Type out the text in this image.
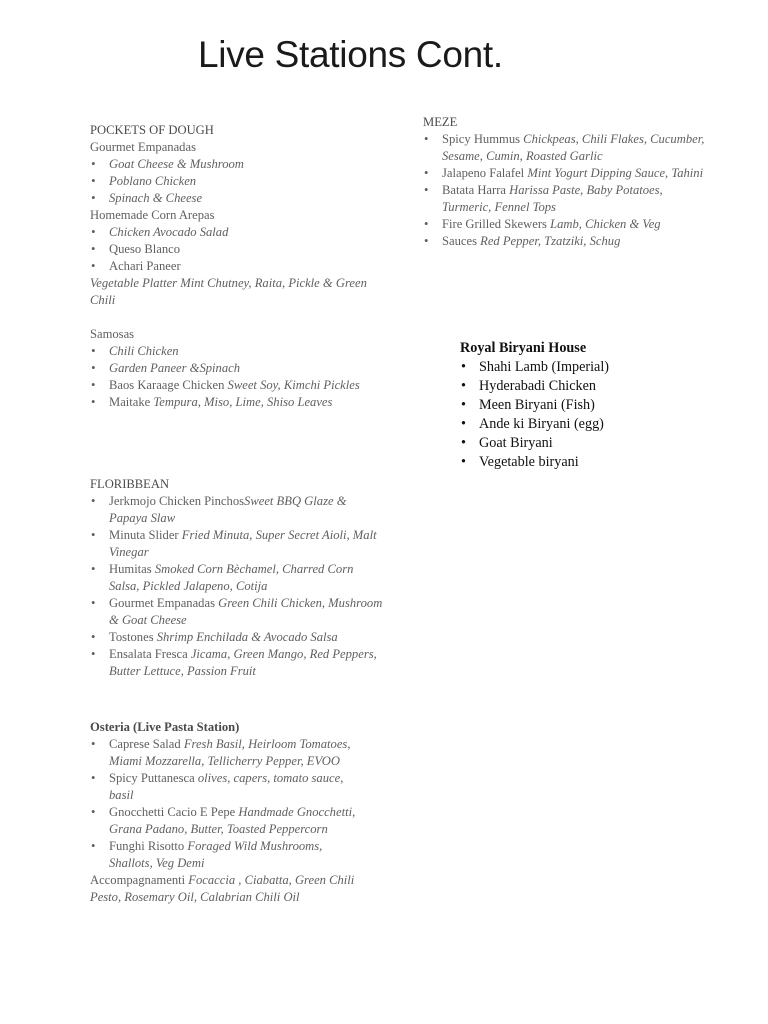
Live Stations Cont.
POCKETS OF DOUGH
Gourmet Empanadas
• Goat Cheese & Mushroom
• Poblano Chicken
• Spinach & Cheese
Homemade Corn Arepas
• Chicken Avocado Salad
• Queso Blanco
• Achari Paneer
Vegetable Platter Mint Chutney, Raita, Pickle & Green Chili
Samosas
• Chili Chicken
• Garden Paneer &Spinach
• Baos Karaage Chicken Sweet Soy, Kimchi Pickles
• Maitake Tempura, Miso, Lime, Shiso Leaves
MEZE
• Spicy Hummus Chickpeas, Chili Flakes, Cucumber, Sesame, Cumin, Roasted Garlic
• Jalapeno Falafel Mint Yogurt Dipping Sauce, Tahini
• Batata Harra Harissa Paste, Baby Potatoes, Turmeric, Fennel Tops
• Fire Grilled Skewers Lamb, Chicken & Veg
• Sauces Red Pepper, Tzatziki, Schug
Royal Biryani House
• Shahi Lamb (Imperial)
• Hyderabadi Chicken
• Meen Biryani (Fish)
• Ande ki Biryani (egg)
• Goat Biryani
• Vegetable biryani
FLORIBBEAN
• Jerkmojo Chicken PinchosSweet BBQ Glaze & Papaya Slaw
• Minuta Slider Fried Minuta, Super Secret Aioli, Malt Vinegar
• Humitas Smoked Corn Bèchamel, Charred Corn Salsa, Pickled Jalapeno, Cotija
• Gourmet Empanadas Green Chili Chicken, Mushroom & Goat Cheese
• Tostones Shrimp Enchilada & Avocado Salsa
• Ensalata Fresca Jicama, Green Mango, Red Peppers, Butter Lettuce, Passion Fruit
Osteria (Live Pasta Station)
• Caprese Salad Fresh Basil, Heirloom Tomatoes, Miami Mozzarella, Tellicherry Pepper, EVOO
• Spicy Puttanesca olives, capers, tomato sauce, basil
• Gnocchetti Cacio E Pepe Handmade Gnocchetti, Grana Padano, Butter, Toasted Peppercorn
• Funghi Risotto Foraged Wild Mushrooms, Shallots, Veg Demi
Accompagnamenti Focaccia , Ciabatta, Green Chili Pesto, Rosemary Oil, Calabrian Chili Oil
